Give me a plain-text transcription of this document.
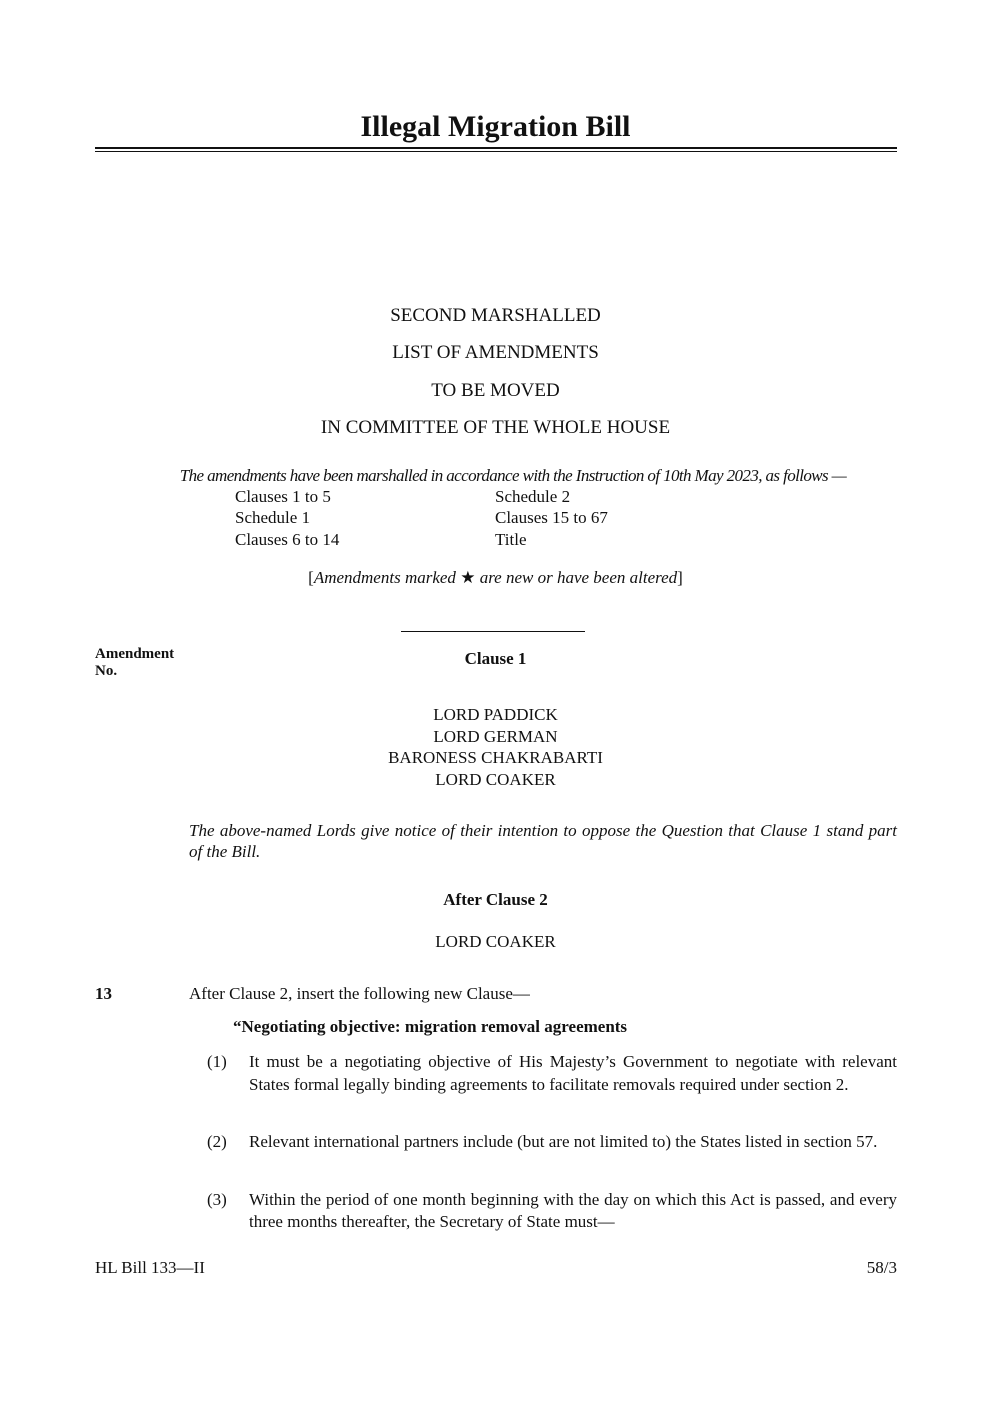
Illegal Migration Bill
SECOND MARSHALLED
LIST OF AMENDMENTS
TO BE MOVED
IN COMMITTEE OF THE WHOLE HOUSE
The amendments have been marshalled in accordance with the Instruction of 10th May 2023, as follows —
Clauses 1 to 5
Schedule 1
Clauses 6 to 14
Schedule 2
Clauses 15 to 67
Title
[Amendments marked ★ are new or have been altered]
Amendment
No.
Clause 1
LORD PADDICK
LORD GERMAN
BARONESS CHAKRABARTI
LORD COAKER
The above-named Lords give notice of their intention to oppose the Question that Clause 1 stand part of the Bill.
After Clause 2
LORD COAKER
13	After Clause 2, insert the following new Clause—
“Negotiating objective: migration removal agreements
(1) It must be a negotiating objective of His Majesty’s Government to negotiate with relevant States formal legally binding agreements to facilitate removals required under section 2.
(2) Relevant international partners include (but are not limited to) the States listed in section 57.
(3) Within the period of one month beginning with the day on which this Act is passed, and every three months thereafter, the Secretary of State must—
HL Bill 133—II	58/3
